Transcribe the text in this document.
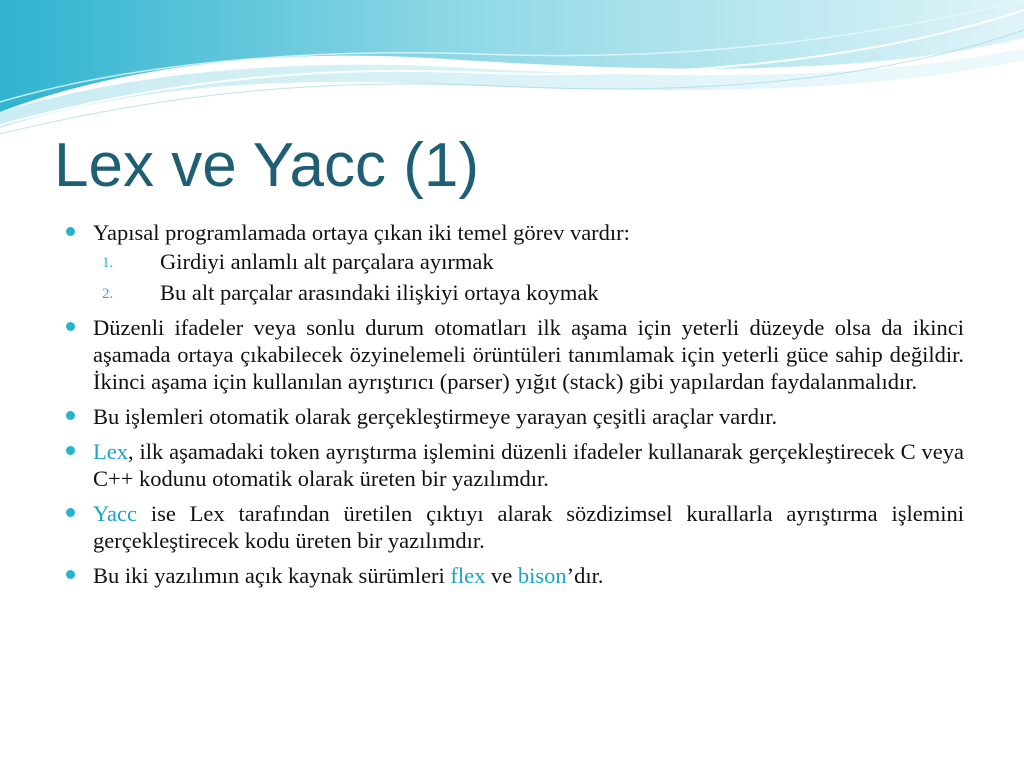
Lex ve Yacc (1)
Yapısal programlamada ortaya çıkan iki temel görev vardır:
1. Girdiyi anlamlı alt parçalara ayırmak
2. Bu alt parçalar arasındaki ilişkiyi ortaya koymak
Düzenli ifadeler veya sonlu durum otomatları ilk aşama için yeterli düzeyde olsa da ikinci aşamada ortaya çıkabilecek özyinelemeli örüntüleri tanımlamak için yeterli güce sahip değildir. İkinci aşama için kullanılan ayrıştırıcı (parser) yığıt (stack) gibi yapılardan faydalanmalıdır.
Bu işlemleri otomatik olarak gerçekleştirmeye yarayan çeşitli araçlar vardır.
Lex, ilk aşamadaki token ayrıştırma işlemini düzenli ifadeler kullanarak gerçekleştirecek C veya C++ kodunu otomatik olarak üreten bir yazılımdır.
Yacc ise Lex tarafından üretilen çıktıyı alarak sözdizimsel kurallarla ayrıştırma işlemini gerçekleştirecek kodu üreten bir yazılımdır.
Bu iki yazılımın açık kaynak sürümleri flex ve bison’dır.
